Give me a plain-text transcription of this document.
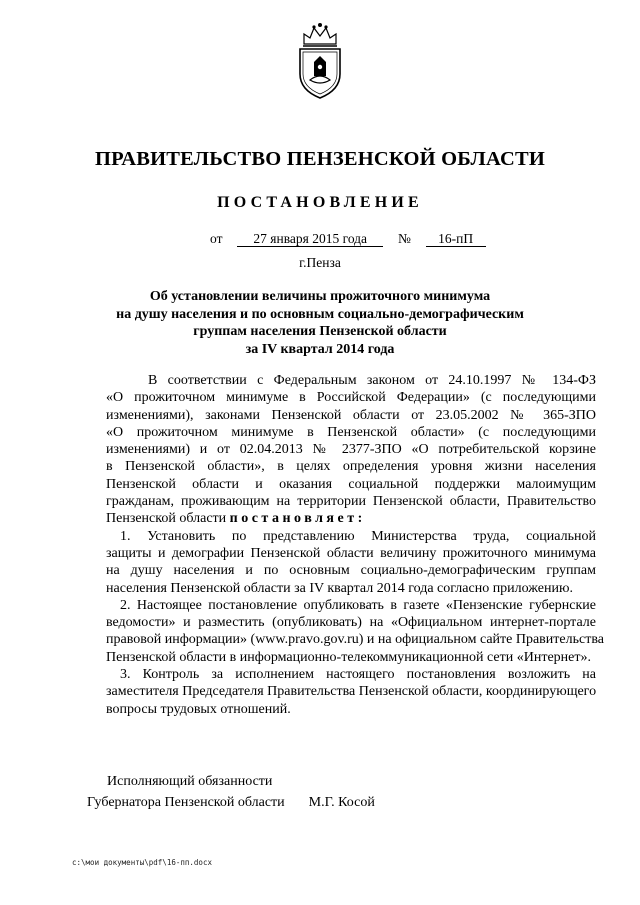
ПРАВИТЕЛЬСТВО ПЕНЗЕНСКОЙ ОБЛАСТИ
ПОСТАНОВЛЕНИЕ
от 27 января 2015 года № 16-пП
г.Пенза
Об установлении величины прожиточного минимума
на душу населения и по основным социально-демографическим
группам населения Пензенской области
за IV квартал 2014 года
В соответствии с Федеральным законом от 24.10.1997 № 134-ФЗ
«О прожиточном минимуме в Российской Федерации» (с последующими
изменениями), законами Пензенской области от 23.05.2002 № 365-ЗПО
«О прожиточном минимуме в Пензенской области» (с последующими
изменениями) и от 02.04.2013 № 2377-ЗПО «О потребительской корзине
в Пензенской области», в целях определения уровня жизни населения
Пензенской области и оказания социальной поддержки малоимущим
гражданам, проживающим на территории Пензенской области, Правительство
Пензенской области постановляет:
1. Установить по представлению Министерства труда, социальной
защиты и демографии Пензенской области величину прожиточного минимума
на душу населения и по основным социально-демографическим группам
населения Пензенской области за IV квартал 2014 года согласно приложению.
2. Настоящее постановление опубликовать в газете «Пензенские губернские
ведомости» и разместить (опубликовать) на «Официальном интернет-портале
правовой информации» (www.pravo.gov.ru) и на официальном сайте Правительства
Пензенской области в информационно-телекоммуникационной сети «Интернет».
3. Контроль за исполнением настоящего постановления возложить на
заместителя Председателя Правительства Пензенской области, координирующего
вопросы трудовых отношений.
Исполняющий обязанности
Губернатора Пензенской области М.Г. Косой
c:\мои документы\pdf\16-пп.docx
